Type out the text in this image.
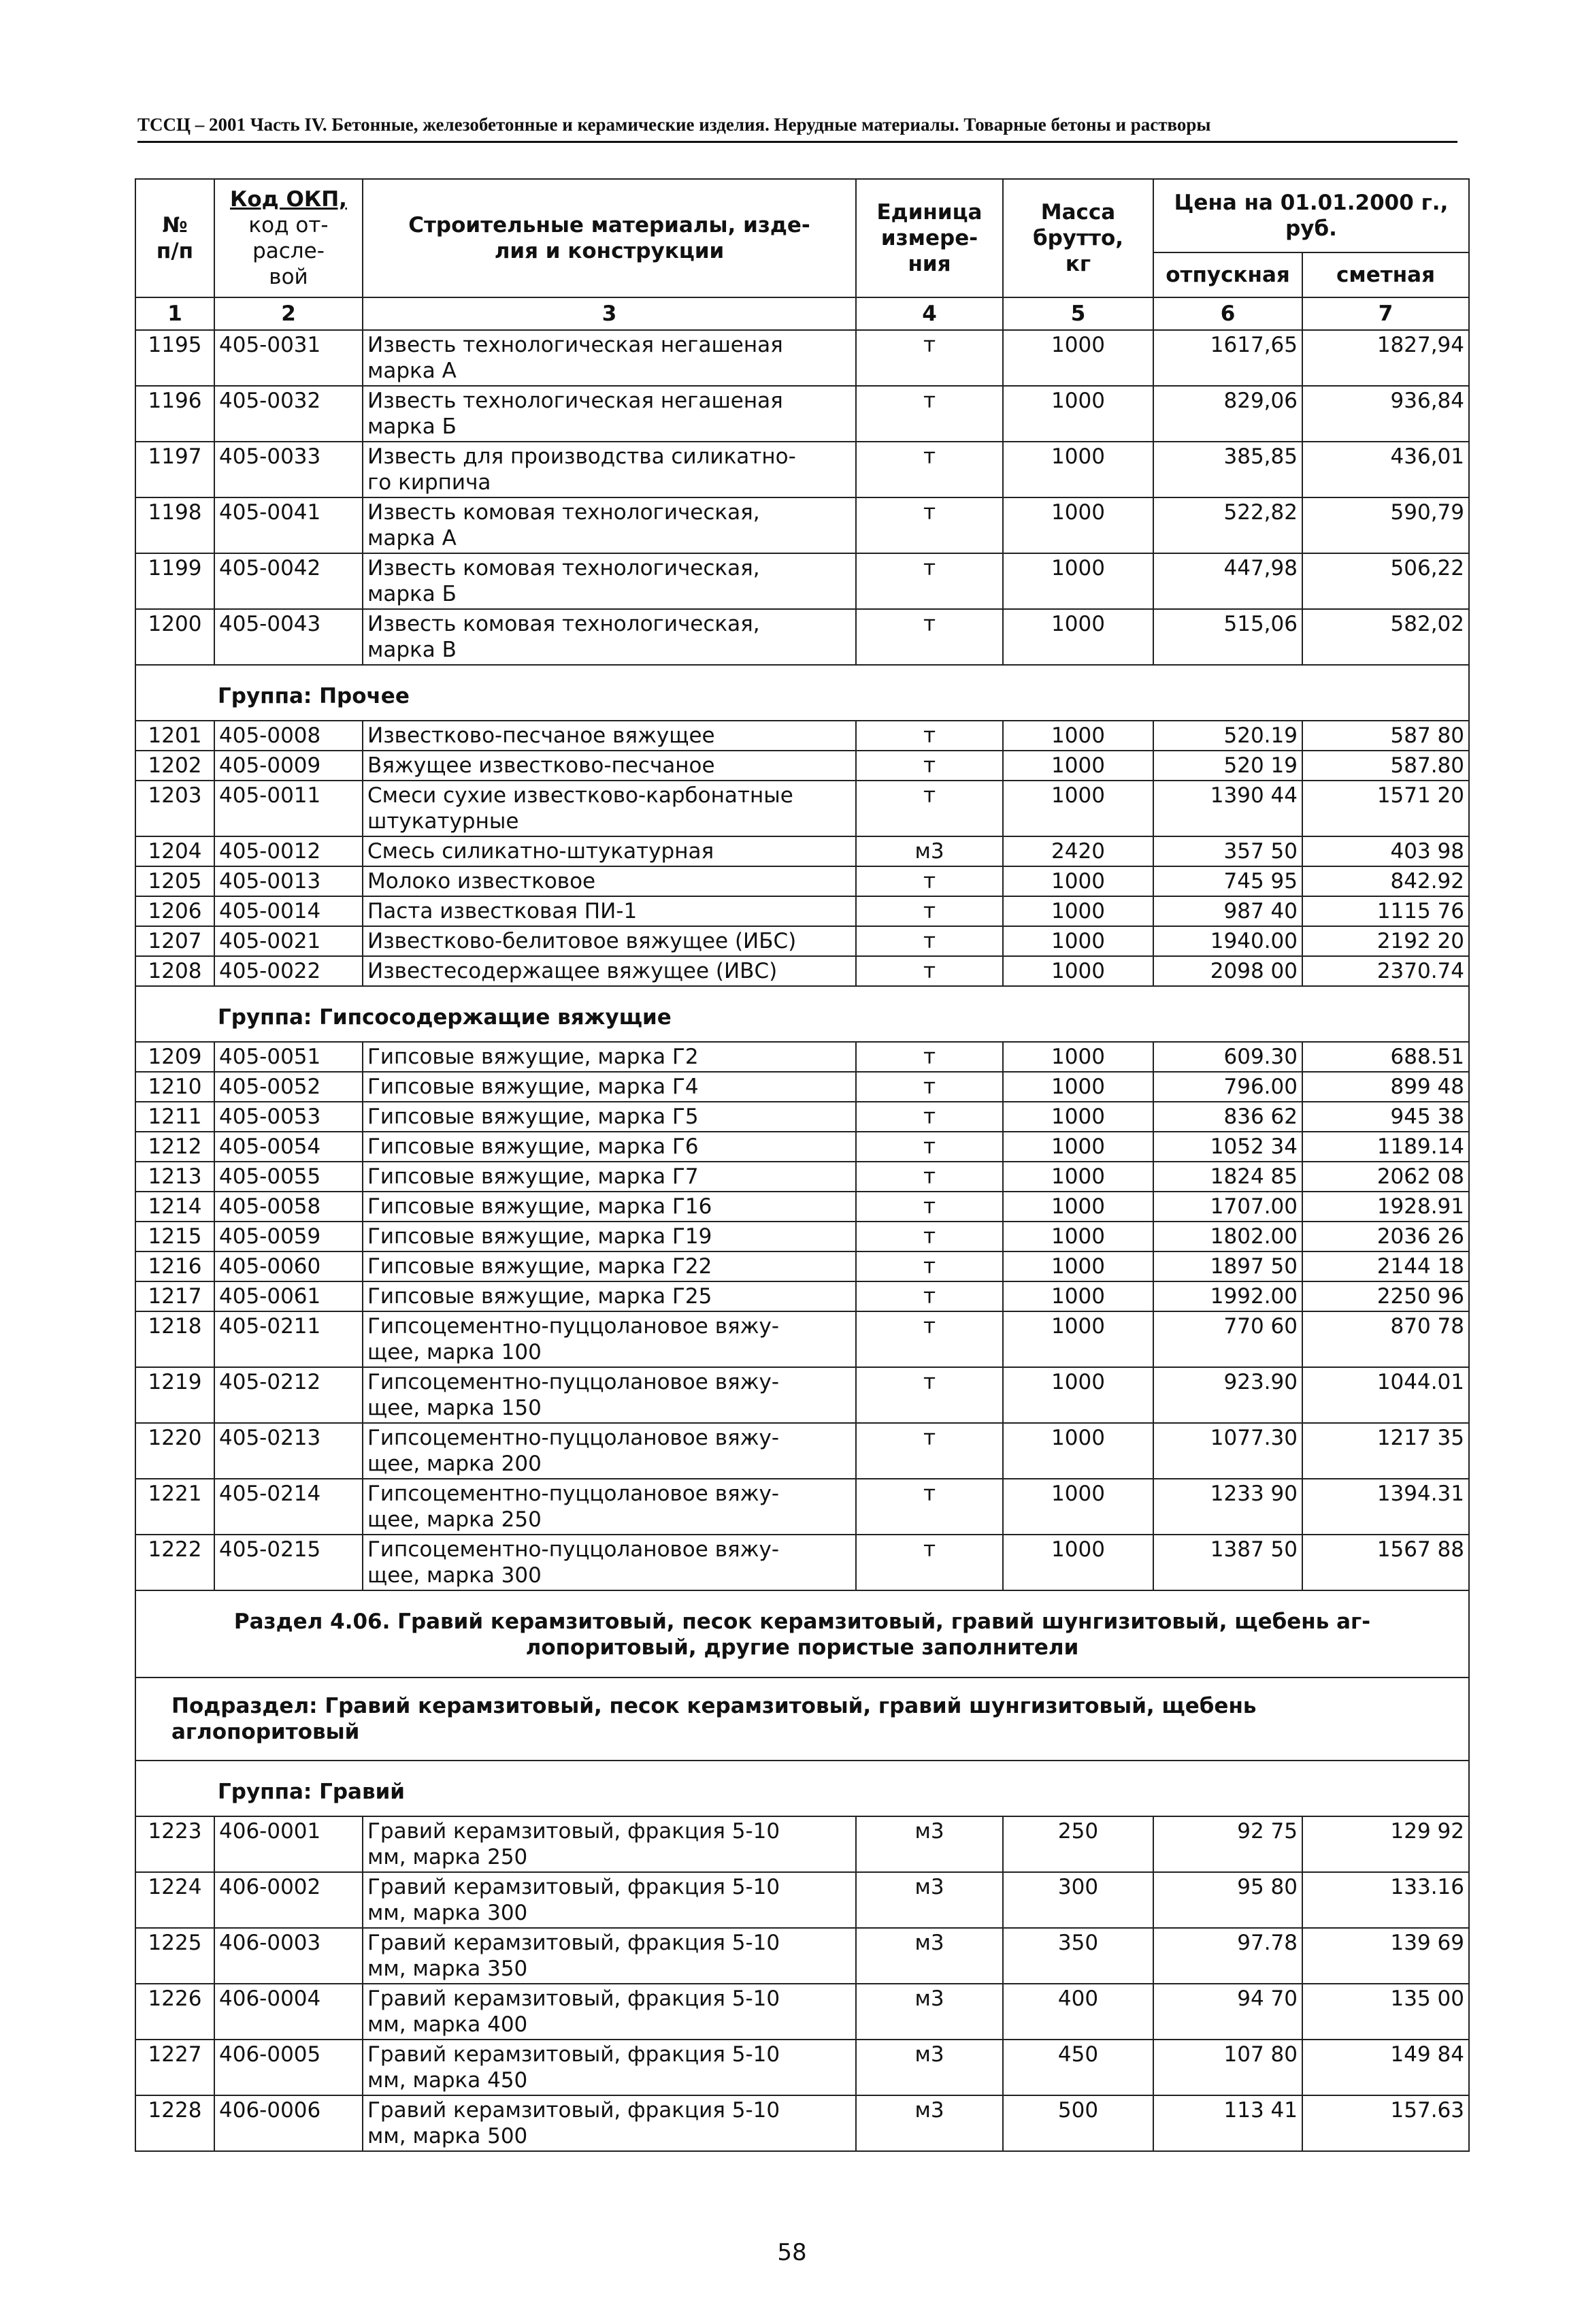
ТССЦ – 2001 Часть IV. Бетонные, железобетонные и керамические изделия. Нерудные материалы. Товарные бетоны и растворы
№
п/п	Код ОКП,
код от-
расле-
вой	Строительные материалы, изде-
лия и конструкции	Единица
измере-
ния	Масса
брутто,
кг	Цена на 01.01.2000 г.,
руб.	
					отпускная	сметная
1	2	3	4	5	6	7
1195	405-0031	Известь технологическая негашеная
марка А	т	1000	1617,65	1827,94
1196	405-0032	Известь технологическая негашеная
марка Б	т	1000	829,06	936,84
1197	405-0033	Известь для производства силикатно-
го кирпича	т	1000	385,85	436,01
1198	405-0041	Известь комовая технологическая,
марка А	т	1000	522,82	590,79
1199	405-0042	Известь комовая технологическая,
марка Б	т	1000	447,98	506,22
1200	405-0043	Известь комовая технологическая,
марка В	т	1000	515,06	582,02
Группа: Прочее						
1201	405-0008	Известково-песчаное вяжущее	т	1000	520.19	587 80
1202	405-0009	Вяжущее известково-песчаное	т	1000	520 19	587.80
1203	405-0011	Смеси сухие известково-карбонатные
штукатурные	т	1000	1390 44	1571 20
1204	405-0012	Смесь силикатно-штукатурная	м3	2420	357 50	403 98
1205	405-0013	Молоко известковое	т	1000	745 95	842.92
1206	405-0014	Паста известковая ПИ-1	т	1000	987 40	1115 76
1207	405-0021	Известково-белитовое вяжущее (ИБС)	т	1000	1940.00	2192 20
1208	405-0022	Известесодержащее вяжущее (ИВС)	т	1000	2098 00	2370.74
Группа: Гипсосодержащие вяжущие						
1209	405-0051	Гипсовые вяжущие, марка Г2	т	1000	609.30	688.51
1210	405-0052	Гипсовые вяжущие, марка Г4	т	1000	796.00	899 48
1211	405-0053	Гипсовые вяжущие, марка Г5	т	1000	836 62	945 38
1212	405-0054	Гипсовые вяжущие, марка Г6	т	1000	1052 34	1189.14
1213	405-0055	Гипсовые вяжущие, марка Г7	т	1000	1824 85	2062 08
1214	405-0058	Гипсовые вяжущие, марка Г16	т	1000	1707.00	1928.91
1215	405-0059	Гипсовые вяжущие, марка Г19	т	1000	1802.00	2036 26
1216	405-0060	Гипсовые вяжущие, марка Г22	т	1000	1897 50	2144 18
1217	405-0061	Гипсовые вяжущие, марка Г25	т	1000	1992.00	2250 96
1218	405-0211	Гипсоцементно-пуццолановое вяжу-
щее, марка 100	т	1000	770 60	870 78
1219	405-0212	Гипсоцементно-пуццолановое вяжу-
щее, марка 150	т	1000	923.90	1044.01
1220	405-0213	Гипсоцементно-пуццолановое вяжу-
щее, марка 200	т	1000	1077.30	1217 35
1221	405-0214	Гипсоцементно-пуццолановое вяжу-
щее, марка 250	т	1000	1233 90	1394.31
1222	405-0215	Гипсоцементно-пуццолановое вяжу-
щее, марка 300	т	1000	1387 50	1567 88
Раздел 4.06. Гравий керамзитовый, песок керамзитовый, гравий шунгизитовый, щебень аг-
лопоритовый, другие пористые заполнители						
Подраздел: Гравий керамзитовый, песок керамзитовый, гравий шунгизитовый, щебень
аглопоритовый						
Группа: Гравий						
1223	406-0001	Гравий керамзитовый, фракция 5-10
мм, марка 250	м3	250	92 75	129 92
1224	406-0002	Гравий керамзитовый, фракция 5-10
мм, марка 300	м3	300	95 80	133.16
1225	406-0003	Гравий керамзитовый, фракция 5-10
мм, марка 350	м3	350	97.78	139 69
1226	406-0004	Гравий керамзитовый, фракция 5-10
мм, марка 400	м3	400	94 70	135 00
1227	406-0005	Гравий керамзитовый, фракция 5-10
мм, марка 450	м3	450	107 80	149 84
1228	406-0006	Гравий керамзитовый, фракция 5-10
мм, марка 500	м3	500	113 41	157.63
58
